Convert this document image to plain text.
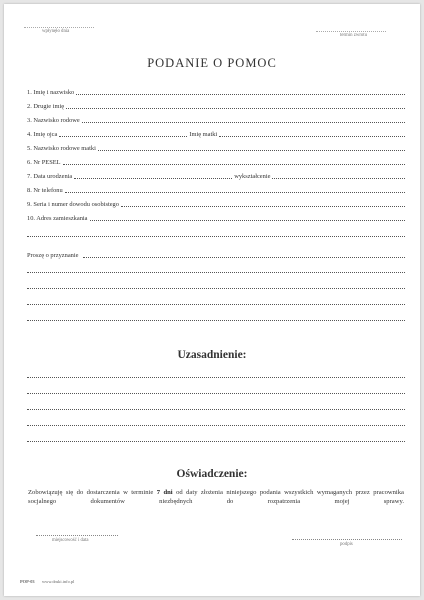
wpłynęło dnia
termin zwrotu
PODANIE O POMOC
1. Imię i nazwisko
2. Drugie imię
3. Nazwisko rodowe
4. Imię ojca	Imię matki
5. Nazwisko rodowe matki
6. Nr PESEL
7. Data urodzenia	wykształcenie
8. Nr telefonu
9. Seria i numer dowodu osobistego
10. Adres zamieszkania
Proszę o przyznanie
Uzasadnienie:
Oświadczenie:
Zobowiązuję się do dostarczenia w terminie 7 dni od daty złożenia niniejszego podania wszystkich wymaganych przez pracownika socjalnego dokumentów niezbędnych do rozpatrzenia mojej sprawy.
miejscowość i data
podpis
POP-03 www.druki.info.pl
